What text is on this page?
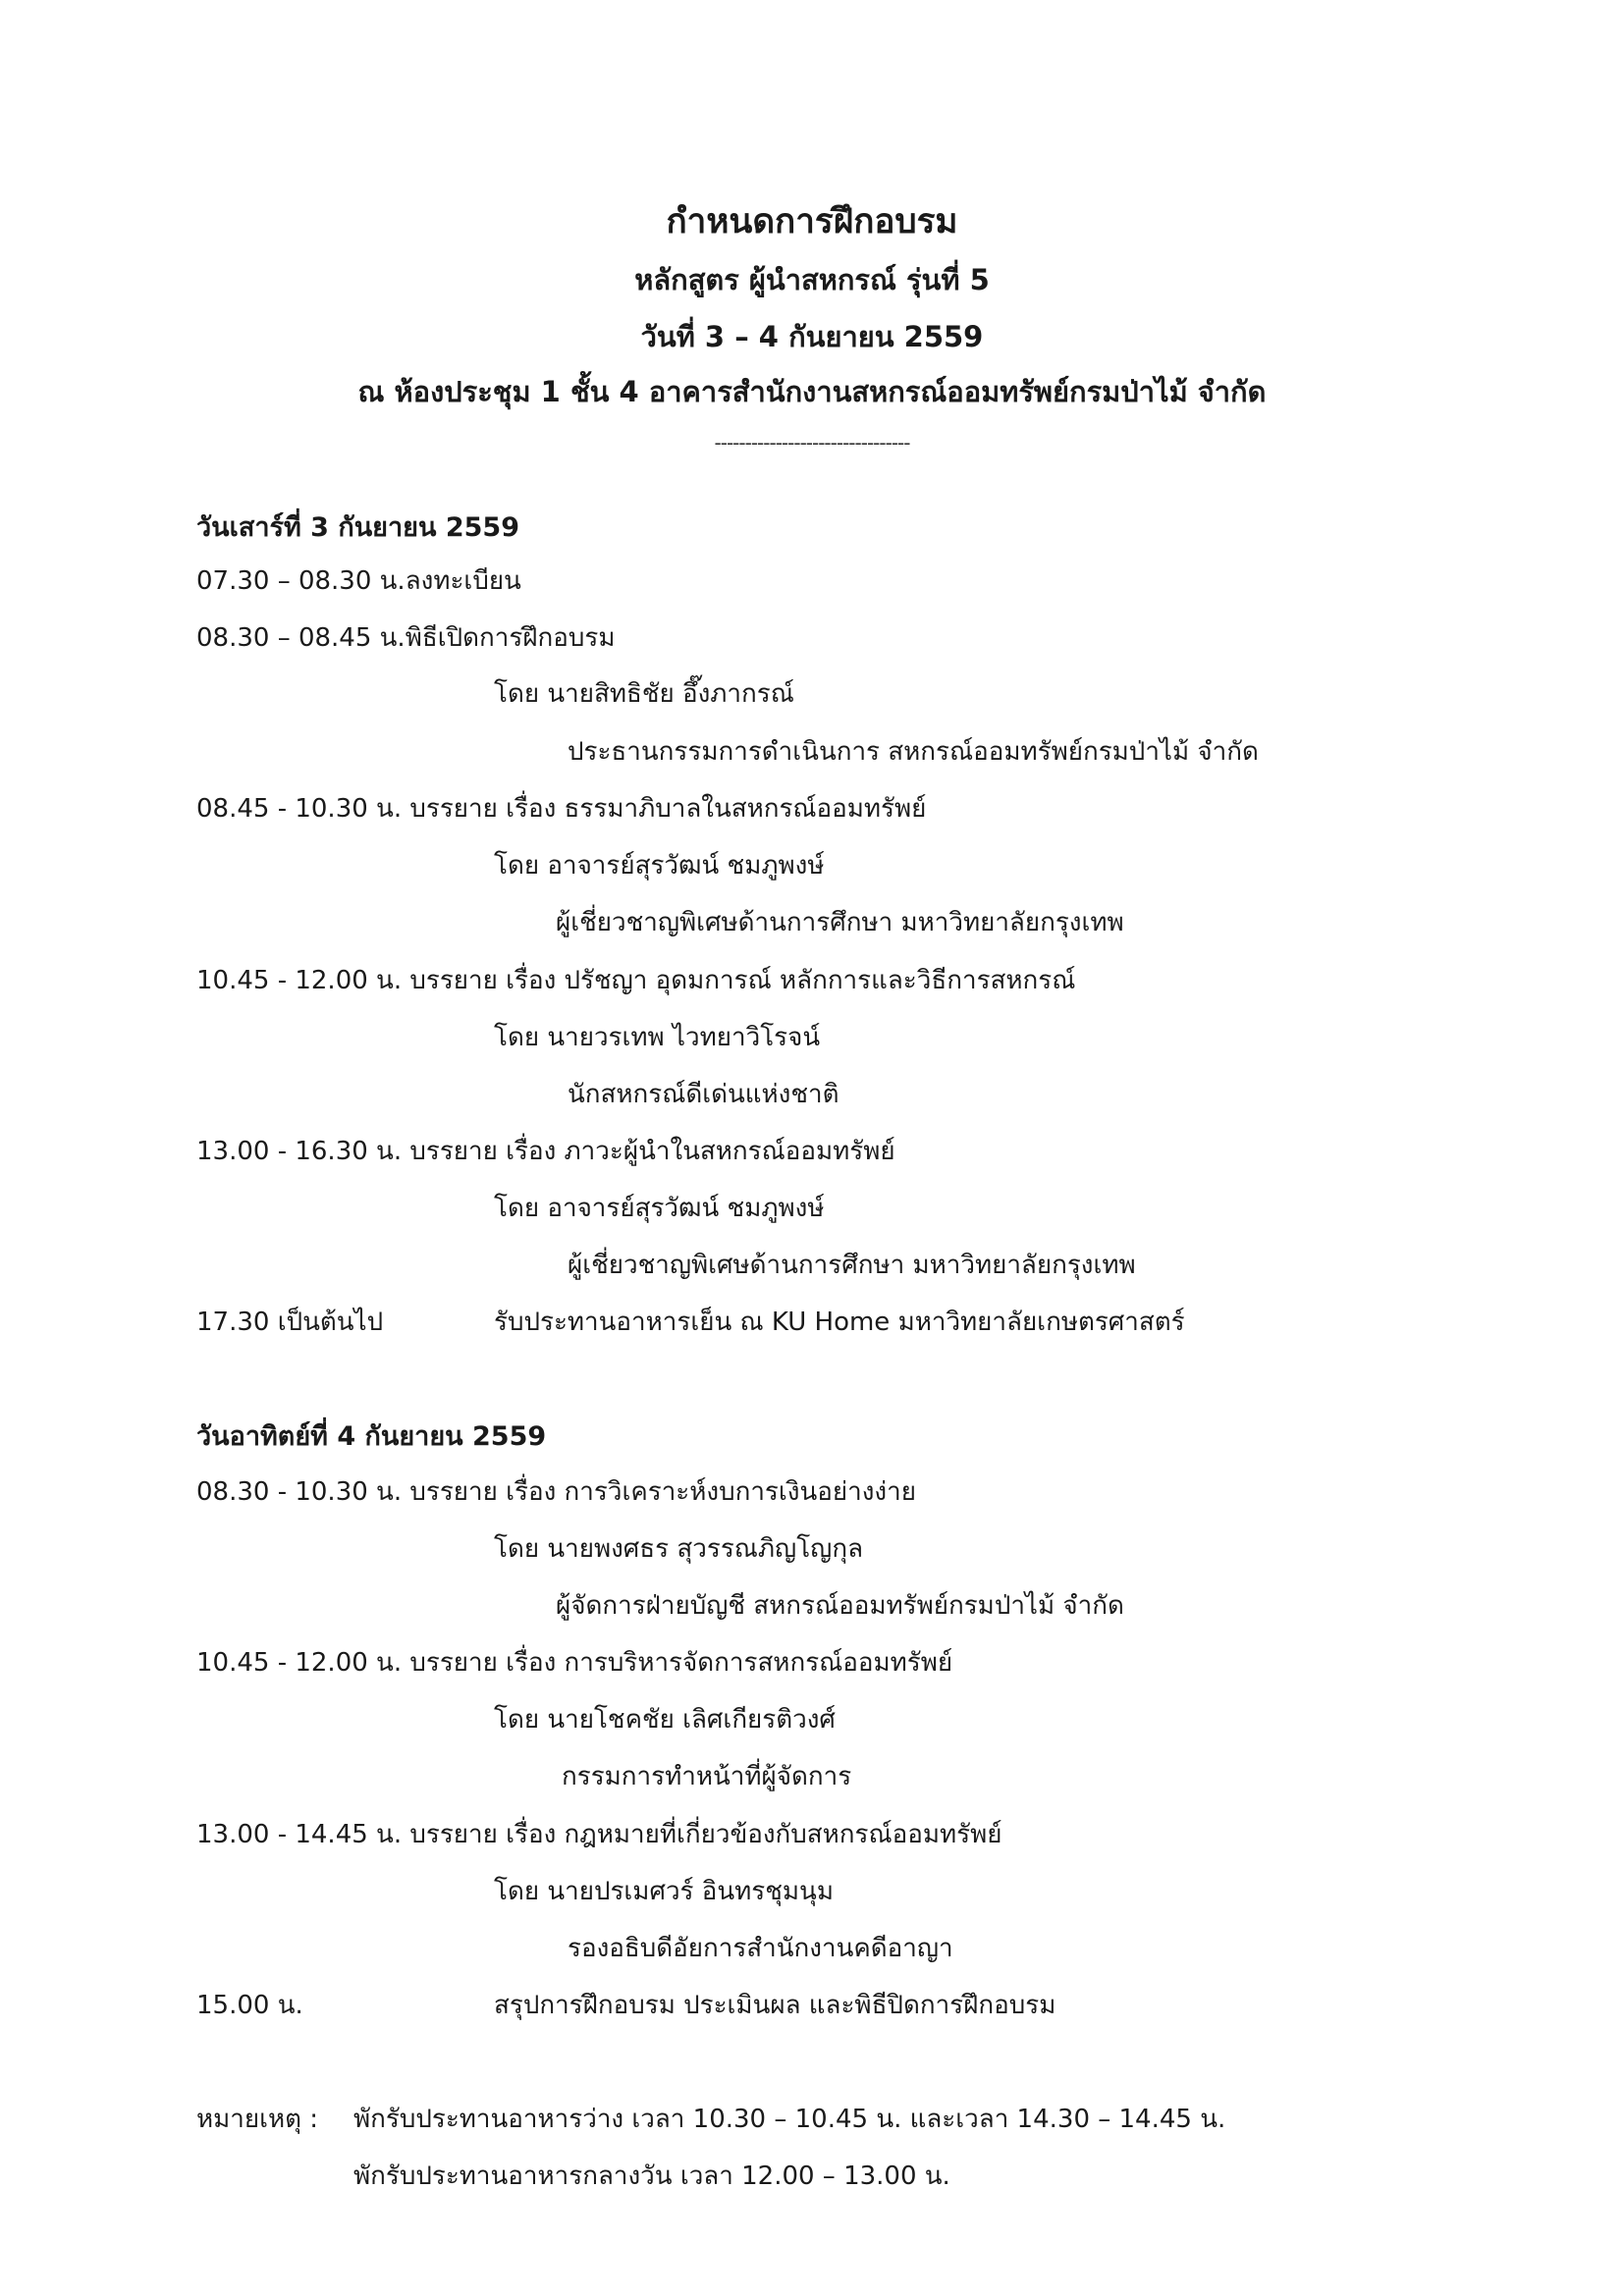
กำหนดการฝึกอบรม
หลักสูตร ผู้นำสหกรณ์ รุ่นที่ 5
วันที่ 3 – 4 กันยายน 2559
ณ ห้องประชุม 1 ชั้น 4 อาคารสำนักงานสหกรณ์ออมทรัพย์กรมป่าไม้ จำกัด
--------------------------------
วันเสาร์ที่ 3 กันยายน 2559
07.30 – 08.30 น.ลงทะเบียน
08.30 – 08.45 น.พิธีเปิดการฝึกอบรม
โดย นายสิทธิชัย อึ๊งภากรณ์
ประธานกรรมการดำเนินการ สหกรณ์ออมทรัพย์กรมป่าไม้ จำกัด
08.45 - 10.30 น. บรรยาย เรื่อง ธรรมาภิบาลในสหกรณ์ออมทรัพย์
โดย อาจารย์สุรวัฒน์ ชมภูพงษ์
ผู้เชี่ยวชาญพิเศษด้านการศึกษา มหาวิทยาลัยกรุงเทพ
10.45 - 12.00 น. บรรยาย เรื่อง ปรัชญา อุดมการณ์ หลักการและวิธีการสหกรณ์
โดย นายวรเทพ ไวทยาวิโรจน์
นักสหกรณ์ดีเด่นแห่งชาติ
13.00 - 16.30 น. บรรยาย เรื่อง ภาวะผู้นำในสหกรณ์ออมทรัพย์
โดย อาจารย์สุรวัฒน์ ชมภูพงษ์
ผู้เชี่ยวชาญพิเศษด้านการศึกษา มหาวิทยาลัยกรุงเทพ
17.30 เป็นต้นไป	รับประทานอาหารเย็น ณ KU Home มหาวิทยาลัยเกษตรศาสตร์
วันอาทิตย์ที่ 4 กันยายน 2559
08.30 - 10.30 น. บรรยาย เรื่อง การวิเคราะห์งบการเงินอย่างง่าย
โดย นายพงศธร สุวรรณภิญโญกุล
ผู้จัดการฝ่ายบัญชี สหกรณ์ออมทรัพย์กรมป่าไม้ จำกัด
10.45 - 12.00 น. บรรยาย เรื่อง การบริหารจัดการสหกรณ์ออมทรัพย์
โดย นายโชคชัย เลิศเกียรติวงศ์
กรรมการทำหน้าที่ผู้จัดการ
13.00 - 14.45 น. บรรยาย เรื่อง กฎหมายที่เกี่ยวข้องกับสหกรณ์ออมทรัพย์
โดย นายปรเมศวร์ อินทรชุมนุม
รองอธิบดีอัยการสำนักงานคดีอาญา
15.00 น.	สรุปการฝึกอบรม ประเมินผล และพิธีปิดการฝึกอบรม
หมายเหตุ : พักรับประทานอาหารว่าง เวลา 10.30 – 10.45 น. และเวลา 14.30 – 14.45 น.
พักรับประทานอาหารกลางวัน เวลา 12.00 – 13.00 น.
